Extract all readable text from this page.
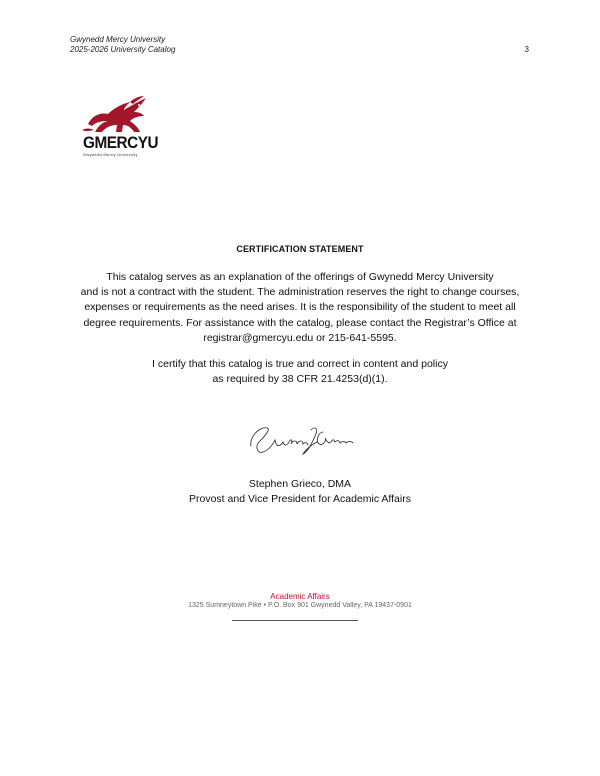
Gwynedd Mercy University
2025-2026 University Catalog	3
GMERCYU
Gwynedd Mercy University
CERTIFICATION STATEMENT
This catalog serves as an explanation of the offerings of Gwynedd Mercy University
and is not a contract with the student. The administration reserves the right to change courses,
expenses or requirements as the need arises. It is the responsibility of the student to meet all
degree requirements. For assistance with the catalog, please contact the Registrar’s Office at
registrar@gmercyu.edu or 215-641-5595.
I certify that this catalog is true and correct in content and policy
as required by 38 CFR 21.4253(d)(1).
Stephen Grieco, DMA
Provost and Vice President for Academic Affairs
Academic Affairs
1325 Sumneytown Pike • P.O. Box 901 Gwynedd Valley, PA 19437-0901
